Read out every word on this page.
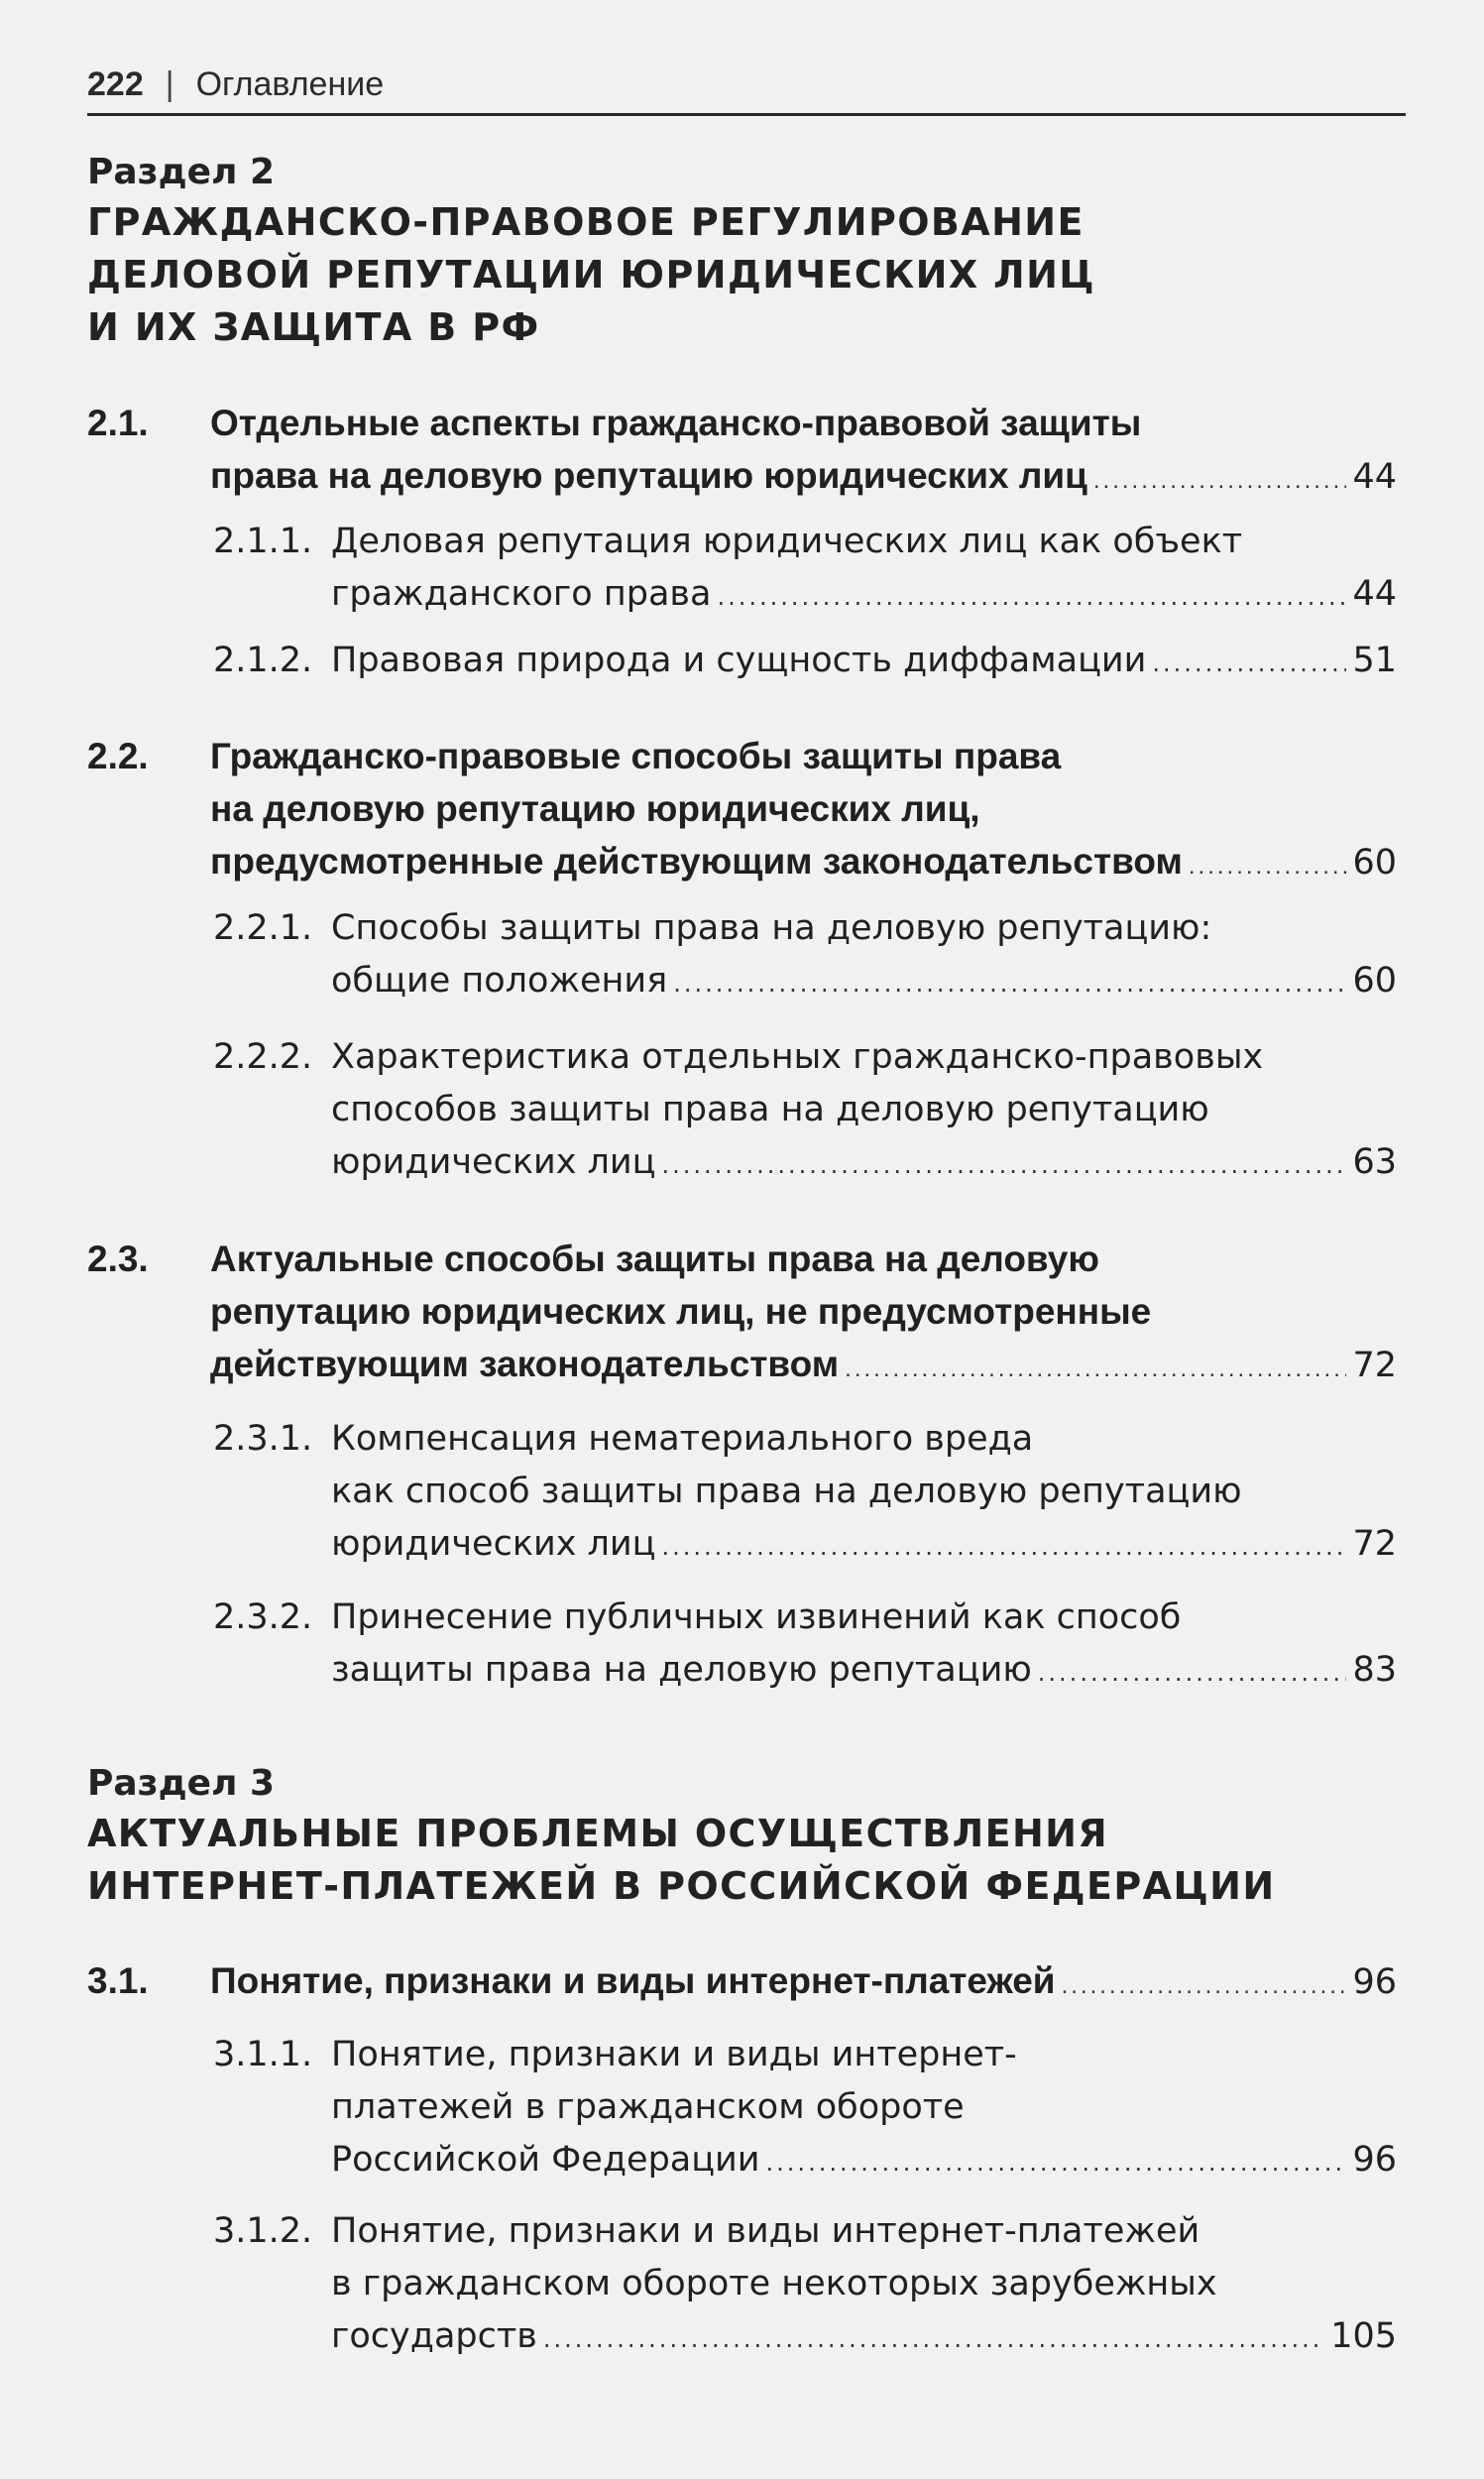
222 | Оглавление
Раздел 2
ГРАЖДАНСКО-ПРАВОВОЕ РЕГУЛИРОВАНИЕ
ДЕЛОВОЙ РЕПУТАЦИИ ЮРИДИЧЕСКИХ ЛИЦ
И ИХ ЗАЩИТА В РФ
2.1. Отдельные аспекты гражданско-правовой защиты
права на деловую репутацию юридических лиц .....	44
2.1.1. Деловая репутация юридических лиц как объект
гражданского права .....	44
2.1.2. Правовая природа и сущность диффамации .....	51
2.2. Гражданско-правовые способы защиты права
на деловую репутацию юридических лиц,
предусмотренные действующим законодательством .....	60
2.2.1. Способы защиты права на деловую репутацию:
общие положения .....	60
2.2.2. Характеристика отдельных гражданско-правовых
способов защиты права на деловую репутацию
юридических лиц .....	63
2.3. Актуальные способы защиты права на деловую
репутацию юридических лиц, не предусмотренные
действующим законодательством .....	72
2.3.1. Компенсация нематериального вреда
как способ защиты права на деловую репутацию
юридических лиц .....	72
2.3.2. Принесение публичных извинений как способ
защиты права на деловую репутацию .....	83
Раздел 3
АКТУАЛЬНЫЕ ПРОБЛЕМЫ ОСУЩЕСТВЛЕНИЯ
ИНТЕРНЕТ-ПЛАТЕЖЕЙ В РОССИЙСКОЙ ФЕДЕРАЦИИ
3.1. Понятие, признаки и виды интернет-платежей .....	96
3.1.1. Понятие, признаки и виды интернет-
платежей в гражданском обороте
Российской Федерации .....	96
3.1.2. Понятие, признаки и виды интернет-платежей
в гражданском обороте некоторых зарубежных
государств .....	105
